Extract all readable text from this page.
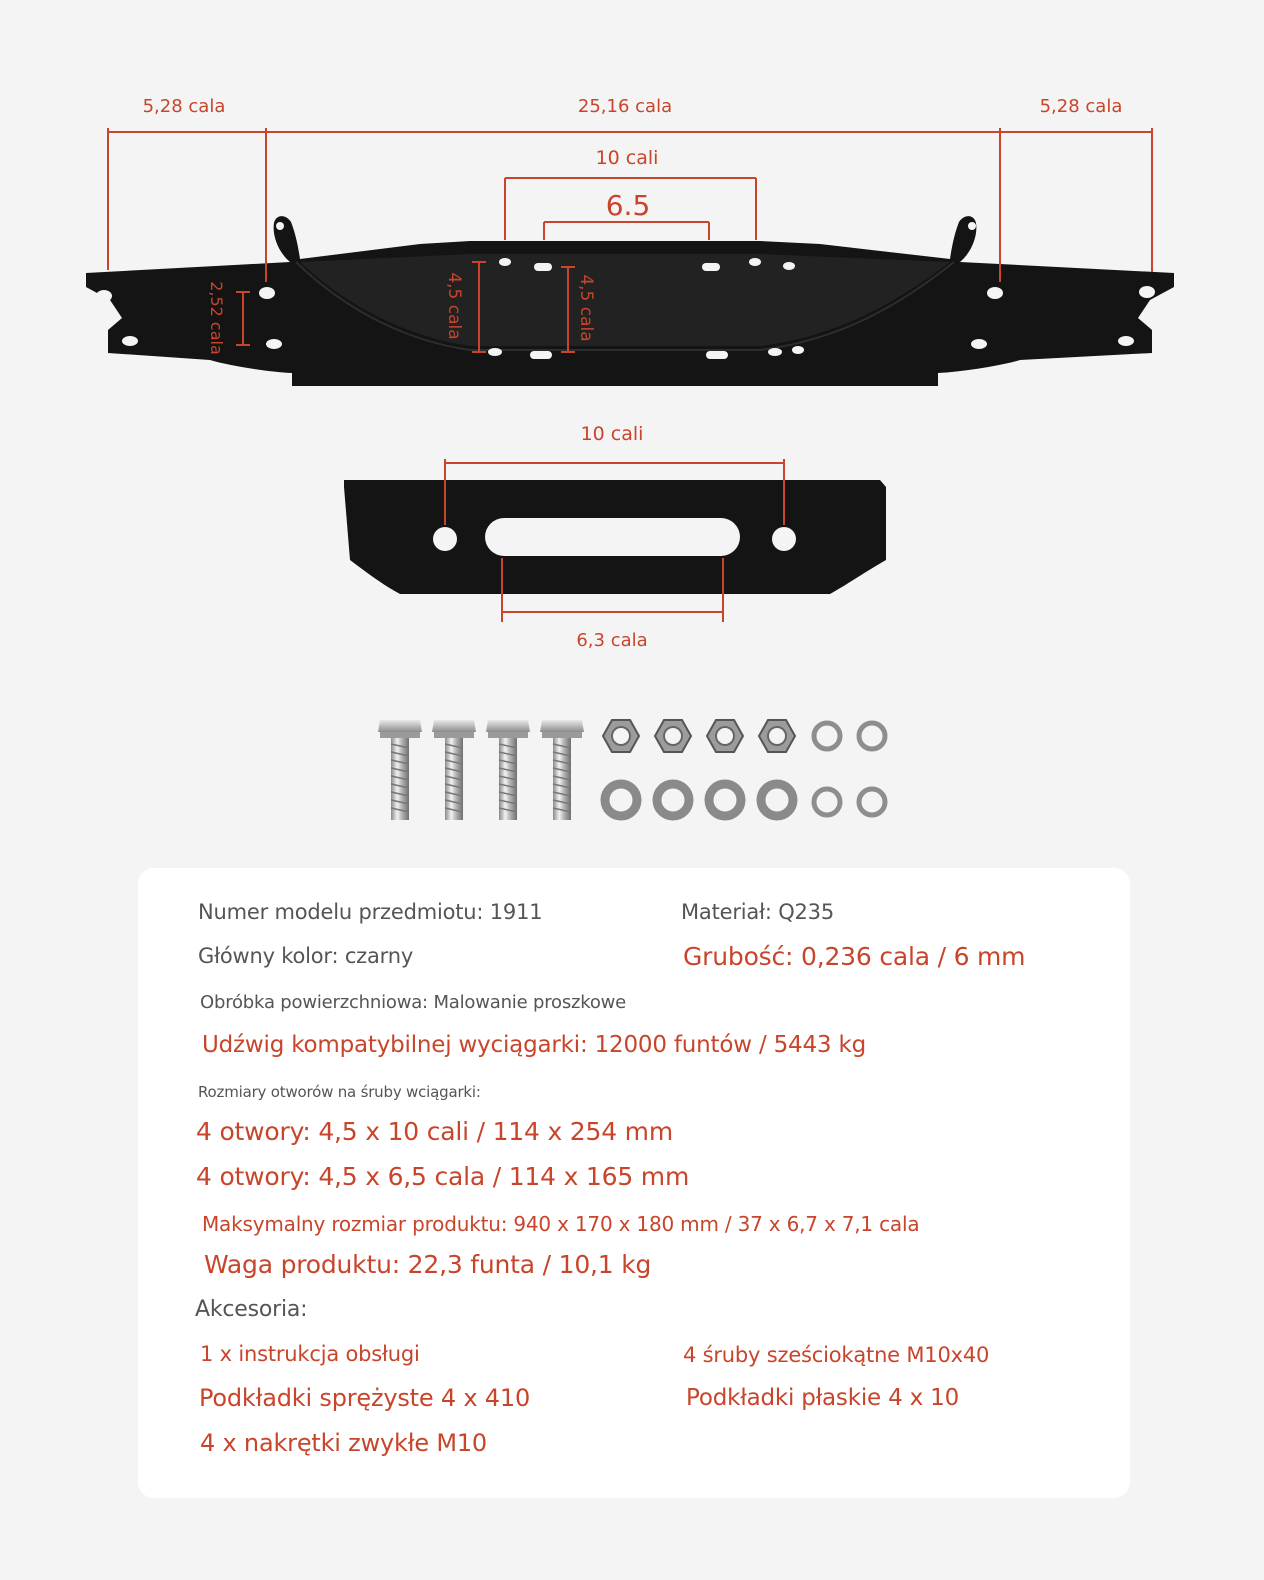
5,28 cala	25,16 cala	5,28 cala
10 cali
6.5
2,52 cala	4,5 cala	4,5 cala
10 cali
6,3 cala
Numer modelu przedmiotu: 1911	Materiał: Q235
Główny kolor: czarny	Grubość: 0,236 cala / 6 mm
Obróbka powierzchniowa: Malowanie proszkowe
Udźwig kompatybilnej wyciągarki: 12000 funtów / 5443 kg
Rozmiary otworów na śruby wciągarki:
4 otwory: 4,5 x 10 cali / 114 x 254 mm
4 otwory: 4,5 x 6,5 cala / 114 x 165 mm
Maksymalny rozmiar produktu: 940 x 170 x 180 mm / 37 x 6,7 x 7,1 cala
Waga produktu: 22,3 funta / 10,1 kg
Akcesoria:
1 x instrukcja obsługi	4 śruby sześciokątne M10x40
Podkładki sprężyste 4 x 410	Podkładki płaskie 4 x 10
4 x nakrętki zwykłe M10
